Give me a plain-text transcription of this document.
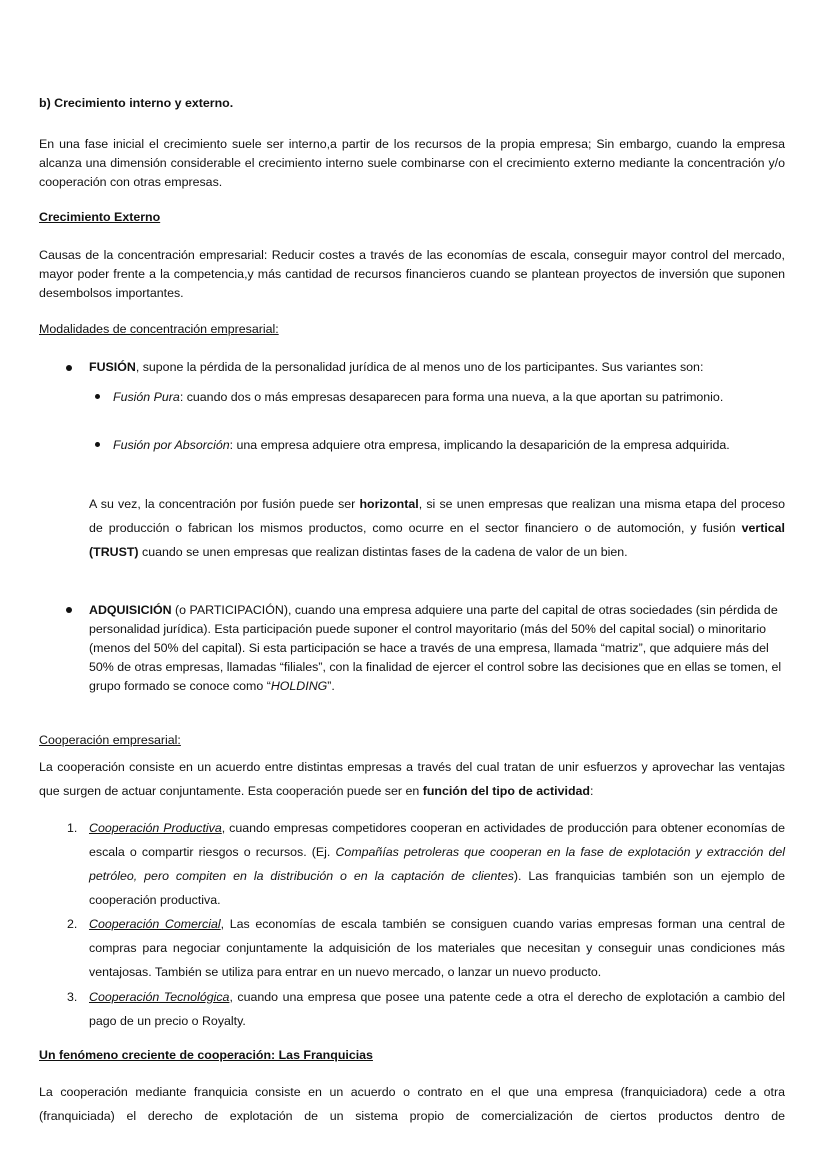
b) Crecimiento interno y externo.
En una fase inicial el crecimiento suele ser interno,a partir de los recursos de la propia empresa; Sin embargo, cuando la empresa alcanza una dimensión considerable el crecimiento interno suele combinarse con el crecimiento externo mediante la concentración y/o cooperación con otras empresas.
Crecimiento Externo
Causas de la concentración empresarial: Reducir costes a través de las economías de escala, conseguir mayor control del mercado, mayor poder frente a la competencia,y más cantidad de recursos financieros cuando se plantean proyectos de inversión que suponen desembolsos importantes.
Modalidades de concentración empresarial:
FUSIÓN, supone la pérdida de la personalidad jurídica de al menos uno de los participantes. Sus variantes son:
Fusión Pura: cuando dos o más empresas desaparecen para forma una nueva, a la que aportan su patrimonio.
Fusión por Absorción: una empresa adquiere otra empresa, implicando la desaparición de la empresa adquirida.
A su vez, la concentración por fusión puede ser horizontal, si se unen empresas que realizan una misma etapa del proceso de producción o fabrican los mismos productos, como ocurre en el sector financiero o de automoción, y fusión vertical (TRUST) cuando se unen empresas que realizan distintas fases de la cadena de valor de un bien.
ADQUISICIÓN (o PARTICIPACIÓN), cuando una empresa adquiere una parte del capital de otras sociedades (sin pérdida de personalidad jurídica). Esta participación puede suponer el control mayoritario (más del 50% del capital social) o minoritario (menos del 50% del capital). Si esta participación se hace a través de una empresa, llamada “matriz”, que adquiere más del 50% de otras empresas, llamadas “filiales”, con la finalidad de ejercer el control sobre las decisiones que en ellas se tomen, el grupo formado se conoce como “HOLDING”.
Cooperación empresarial:
La cooperación consiste en un acuerdo entre distintas empresas a través del cual tratan de unir esfuerzos y aprovechar las ventajas que surgen de actuar conjuntamente. Esta cooperación puede ser en función del tipo de actividad:
1. Cooperación Productiva, cuando empresas competidores cooperan en actividades de producción para obtener economías de escala o compartir riesgos o recursos. (Ej. Compañías petroleras que cooperan en la fase de explotación y extracción del petróleo, pero compiten en la distribución o en la captación de clientes). Las franquicias también son un ejemplo de cooperación productiva.
2. Cooperación Comercial, Las economías de escala también se consiguen cuando varias empresas forman una central de compras para negociar conjuntamente la adquisición de los materiales que necesitan y conseguir unas condiciones más ventajosas. También se utiliza para entrar en un nuevo mercado, o lanzar un nuevo producto.
3. Cooperación Tecnológica, cuando una empresa que posee una patente cede a otra el derecho de explotación a cambio del pago de un precio o Royalty.
Un fenómeno creciente de cooperación: Las Franquicias
La cooperación mediante franquicia consiste en un acuerdo o contrato en el que una empresa (franquiciadora) cede a otra (franquiciada) el derecho de explotación de un sistema propio de comercialización de ciertos productos dentro de
